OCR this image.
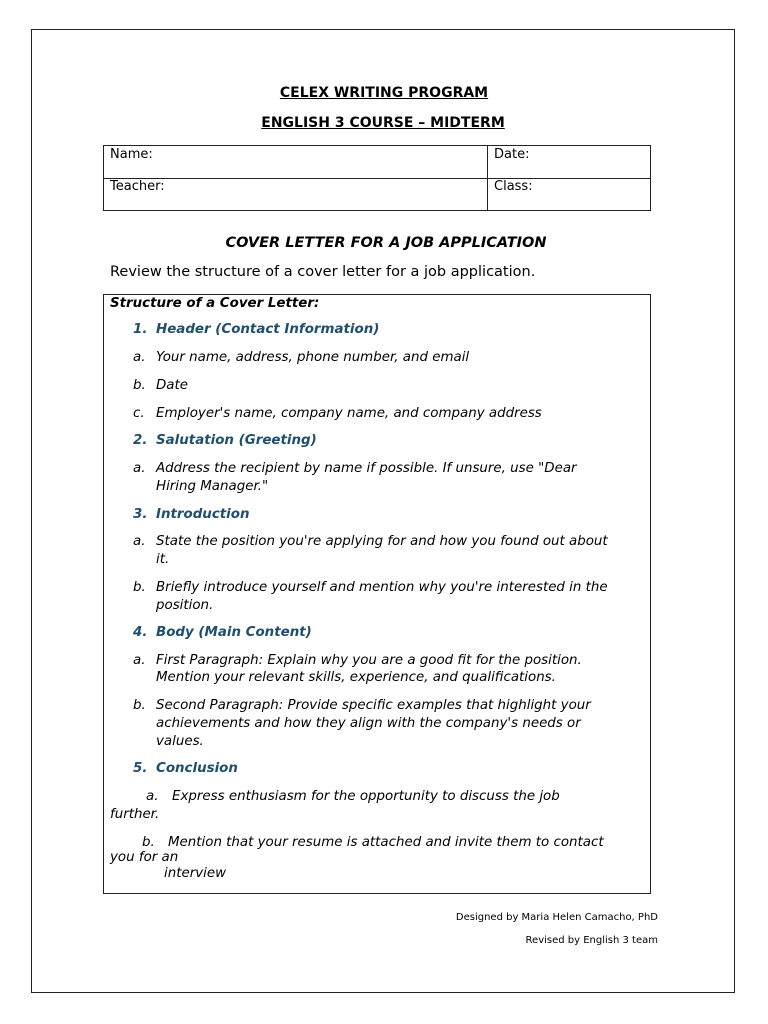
CELEX WRITING PROGRAM
ENGLISH 3 COURSE – MIDTERM
Name:	Date:
Teacher:	Class:
COVER LETTER FOR A JOB APPLICATION
Review the structure of a cover letter for a job application.
Structure of a Cover Letter:
1. Header (Contact Information)
a. Your name, address, phone number, and email
b. Date
c. Employer's name, company name, and company address
2. Salutation (Greeting)
a. Address the recipient by name if possible. If unsure, use "Dear
Hiring Manager."
3. Introduction
a. State the position you're applying for and how you found out about
it.
b. Briefly introduce yourself and mention why you're interested in the
position.
4. Body (Main Content)
a. First Paragraph: Explain why you are a good fit for the position.
Mention your relevant skills, experience, and qualifications.
b. Second Paragraph: Provide specific examples that highlight your
achievements and how they align with the company's needs or
values.
5. Conclusion
a. Express enthusiasm for the opportunity to discuss the job
further.
b. Mention that your resume is attached and invite them to contact
you for an
interview
Designed by Maria Helen Camacho, PhD
Revised by English 3 team
